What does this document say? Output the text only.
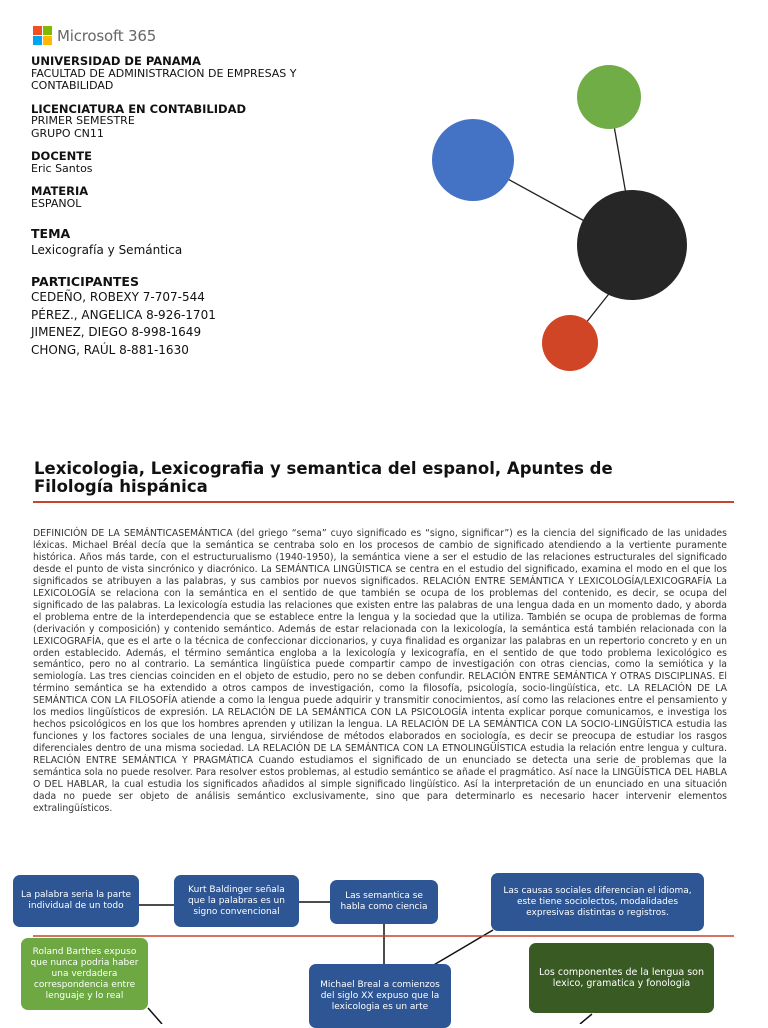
Microsoft 365
UNIVERSIDAD DE PANAMA
FACULTAD DE ADMINISTRACION DE EMPRESAS Y CONTABILIDAD
LICENCIATURA EN CONTABILIDAD
PRIMER SEMESTRE
GRUPO CN11
DOCENTE
Eric Santos
MATERIA
ESPANOL
TEMA
Lexicografía y Semántica
PARTICIPANTES
CEDEÑO, ROBEXY 7-707-544
PÉREZ., ANGELICA 8-926-1701
JIMENEZ, DIEGO 8-998-1649
CHONG, RAÚL 8-881-1630
Lexicologia, Lexicografia y semantica del espanol, Apuntes de Filología hispánica
DEFINICIÓN DE LA SEMÁNTICASEMÁNTICA (del griego “sema” cuyo significado es “signo, significar”) es la ciencia del significado de las unidades léxicas. Michael Bréal decía que la semántica se centraba solo en los procesos de cambio de significado atendiendo a la vertiente puramente histórica. Años más tarde, con el estructurualismo (1940-1950), la semántica viene a ser el estudio de las relaciones estructurales del significado desde el punto de vista sincrónico y diacrónico. La SEMÁNTICA LINGÜISTICA se centra en el estudio del significado, examina el modo en el que los significados se atribuyen a las palabras, y sus cambios por nuevos significados. RELACIÓN ENTRE SEMÁNTICA Y LEXICOLOGÍA/LEXICOGRAFÍA La LEXICOLOGÍA se relaciona con la semántica en el sentido de que también se ocupa de los problemas del contenido, es decir, se ocupa del significado de las palabras. La lexicología estudia las relaciones que existen entre las palabras de una lengua dada en un momento dado, y aborda el problema entre de la interdependencia que se establece entre la lengua y la sociedad que la utiliza. También se ocupa de problemas de forma (derivación y composición) y contenido semántico. Además de estar relacionada con la lexicología, la semántica está también relacionada con la LEXICOGRAFÍA, que es el arte o la técnica de confeccionar diccionarios, y cuya finalidad es organizar las palabras en un repertorio concreto y en un orden establecido. Además, el término semántica engloba a la lexicología y lexicografía, en el sentido de que todo problema lexicológico es semántico, pero no al contrario. La semántica lingüística puede compartir campo de investigación con otras ciencias, como la semiótica y la semiología. Las tres ciencias coinciden en el objeto de estudio, pero no se deben confundir. RELACIÓN ENTRE SEMÁNTICA Y OTRAS DISCIPLINAS. El término semántica se ha extendido a otros campos de investigación, como la filosofía, psicología, socio-lingüística, etc. LA RELACIÓN DE LA SEMÁNTICA CON LA FILOSOFÍA atiende a como la lengua puede adquirir y transmitir conocimientos, así como las relaciones entre el pensamiento y los medios lingüísticos de expresión. LA RELACIÓN DE LA SEMÁNTICA CON LA PSICOLOGÍA intenta explicar porque comunicamos, e investiga los hechos psicológicos en los que los hombres aprenden y utilizan la lengua. LA RELACIÓN DE LA SEMÁNTICA CON LA SOCIO-LINGÜÍSTICA estudia las funciones y los factores sociales de una lengua, sirviéndose de métodos elaborados en sociología, es decir se preocupa de estudiar los rasgos diferenciales dentro de una misma sociedad. LA RELACIÓN DE LA SEMÁNTICA CON LA ETNOLINGÜÍSTICA estudia la relación entre lengua y cultura. RELACIÓN ENTRE SEMÁNTICA Y PRAGMÁTICA Cuando estudiamos el significado de un enunciado se detecta una serie de problemas que la semántica sola no puede resolver. Para resolver estos problemas, al estudio semántico se añade el pragmático. Así nace la LINGÜÍSTICA DEL HABLA O DEL HABLAR, la cual estudia los significados añadidos al simple significado lingüístico. Así la interpretación de un enunciado en una situación dada no puede ser objeto de análisis semántico exclusivamente, sino que para determinarlo es necesario hacer intervenir elementos extralingüísticos.
La palabra seria la parte individual de un todo
Kurt Baldinger señala que la palabras es un signo convencional
Las semantica se habla como ciencia
Las causas sociales diferencian el idioma, este tiene sociolectos, modalidades expresivas distintas o registros.
Roland Barthes expuso que nunca podria haber una verdadera correspondencia entre lenguaje y lo real
Michael Breal a comienzos del siglo XX expuso que la lexicologia es un arte
Los componentes de la lengua son lexico, gramatica y fonologia
